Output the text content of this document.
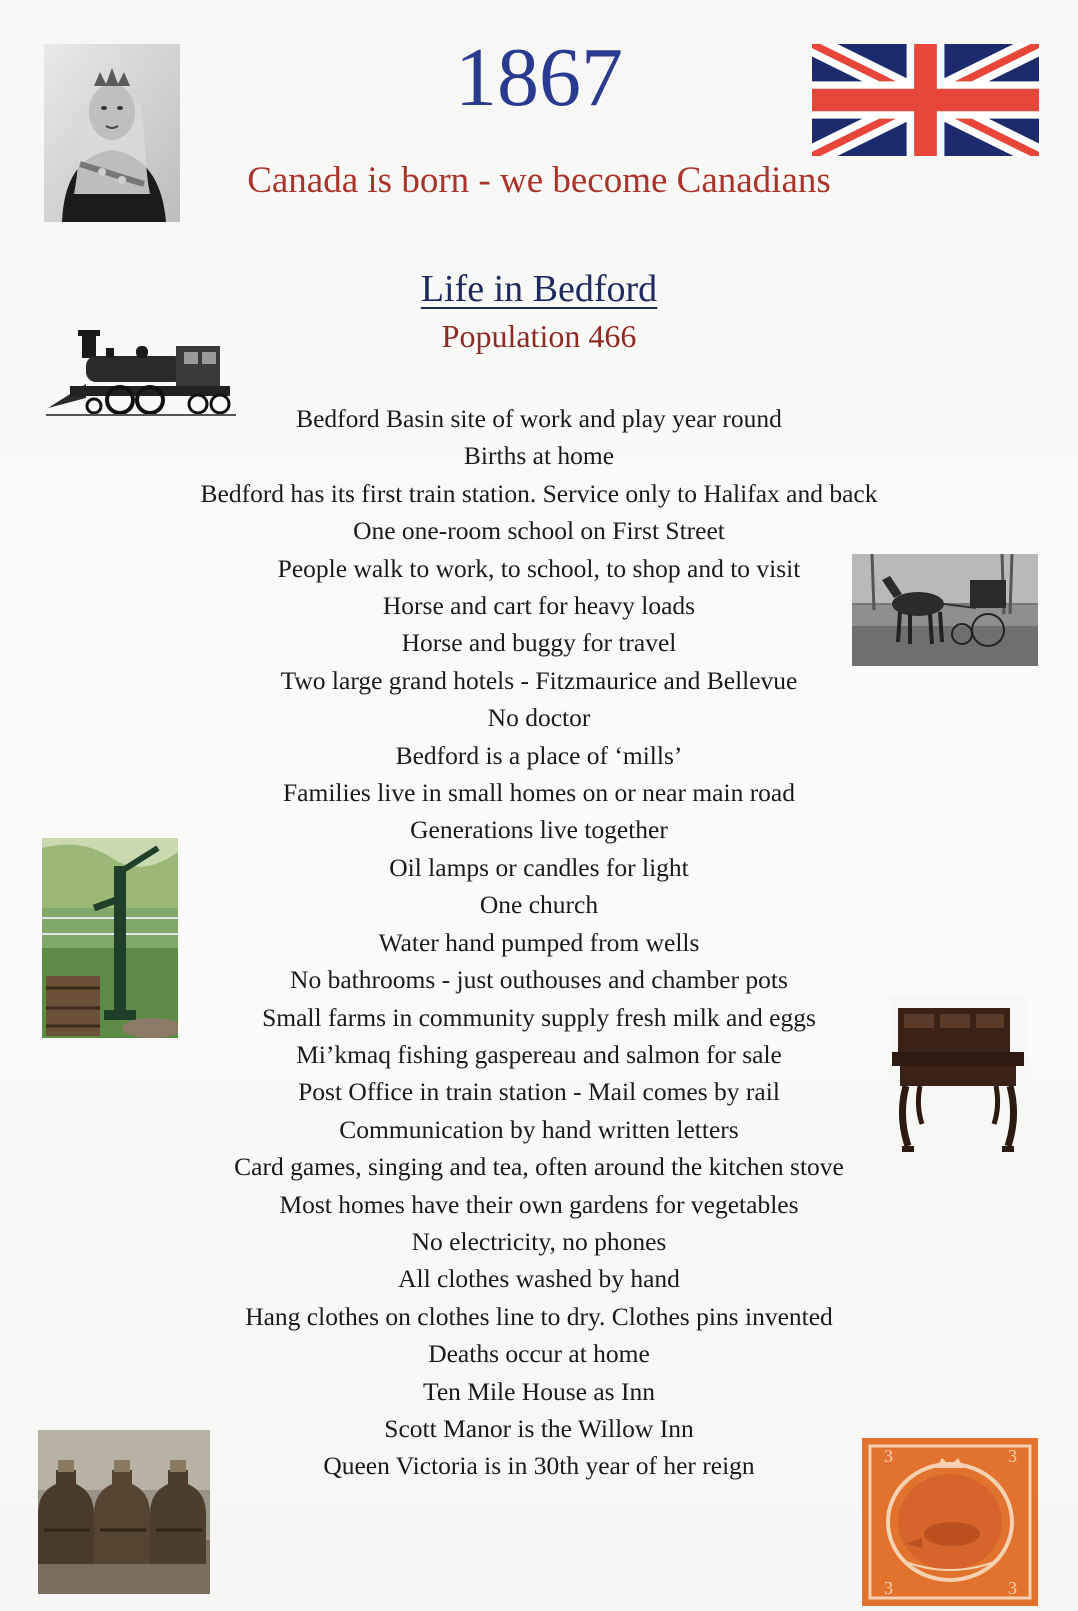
1867
Canada is born - we become Canadians
Life in Bedford
Population 466
3	3
3	3
Bedford Basin site of work and play year round
Births at home
Bedford has its first train station. Service only to Halifax and back
One one-room school on First Street
People walk to work, to school, to shop and to visit
Horse and cart for heavy loads
Horse and buggy for travel
Two large grand hotels - Fitzmaurice and Bellevue
No doctor
Bedford is a place of ‘mills’
Families live in small homes on or near main road
Generations live together
Oil lamps or candles for light
One church
Water hand pumped from wells
No bathrooms - just outhouses and chamber pots
Small farms in community supply fresh milk and eggs
Mi’kmaq fishing gaspereau and salmon for sale
Post Office in train station - Mail comes by rail
Communication by hand written letters
Card games, singing and tea, often around the kitchen stove
Most homes have their own gardens for vegetables
No electricity, no phones
All clothes washed by hand
Hang clothes on clothes line to dry. Clothes pins invented
Deaths occur at home
Ten Mile House as Inn
Scott Manor is the Willow Inn
Queen Victoria is in 30th year of her reign
